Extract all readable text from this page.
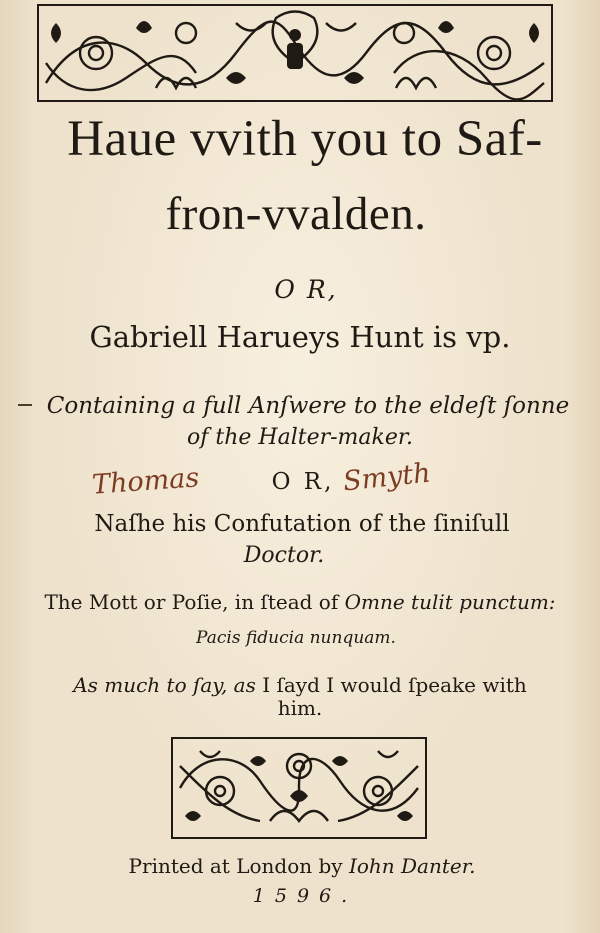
Haue vvith you to Saf-
fron-vvalden.
O R,
Gabriell Harueys Hunt is vp.
Containing a full Anſwere to the eldeſt ſonne
of the Halter-maker.
Thomas	O R, Smyth
Naſhe his Confutation of the ſiniſull
Doctor.
The Mott or Poſie, in ſtead of Omne tulit punctum:
Pacis fiducia nunquam.
As much to ſay, as I ſayd I would ſpeake with
him.
Printed at London by Iohn Danter.
1596.
